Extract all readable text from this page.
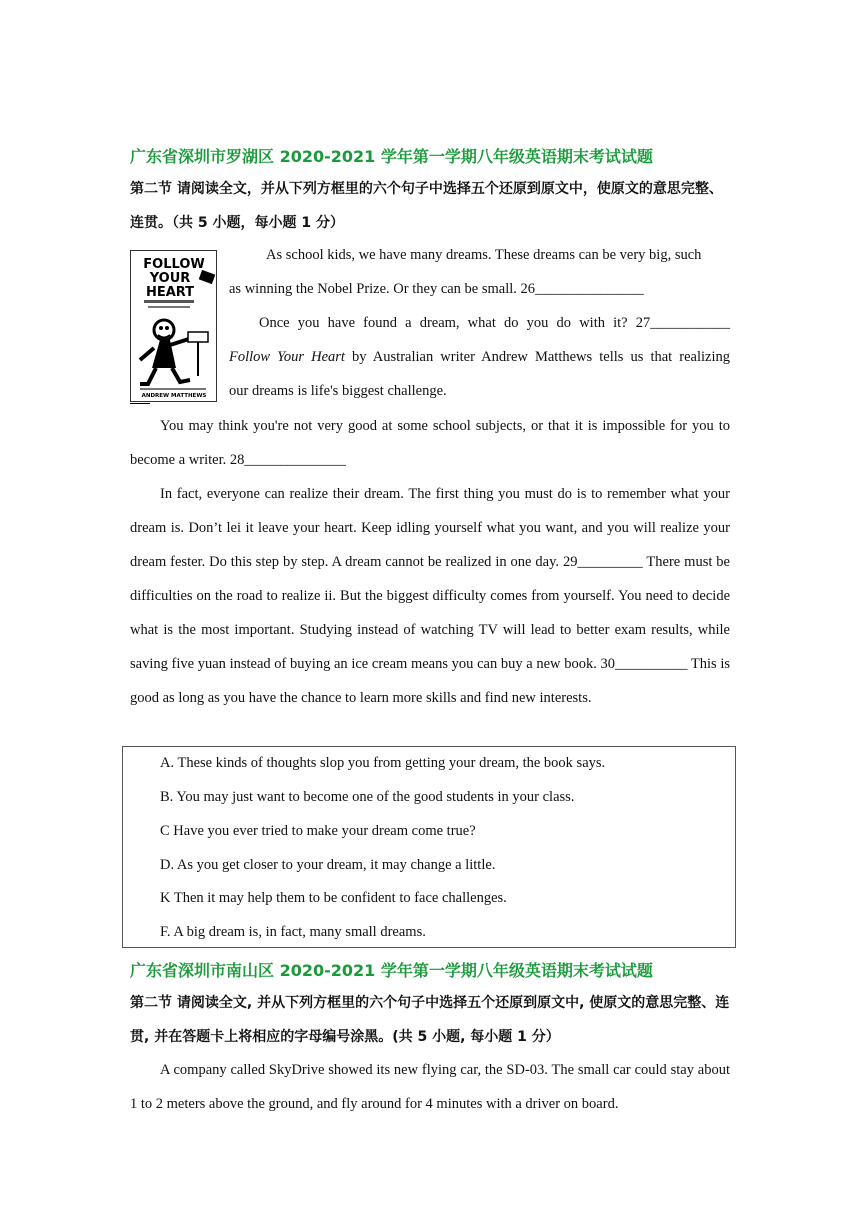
广东省深圳市罗湖区 2020-2021 学年第一学期八年级英语期末考试试题
第二节 请阅读全文，并从下列方框里的六个句子中选择五个还原到原文中，使原文的意思完整、连贯。（共 5 小题，每小题 1 分）
FOLLOW
YOUR
HEART
ANDREW MATTHEWS
As school kids, we have many dreams. These dreams can be very big, such
as winning the Nobel Prize. Or they can be small. 26_______________
Once you have found a dream, what do you do with it? 27___________
Follow Your Heart by Australian writer Andrew Matthews tells us that realizing
our dreams is life's biggest challenge.
You may think you're not very good at some school subjects, or that it is impossible for you to become a writer. 28______________
In fact, everyone can realize their dream. The first thing you must do is to remember what your dream is. Don’t lei it leave your heart. Keep idling yourself what you want, and you will realize your dream fester. Do this step by step. A dream cannot be realized in one day. 29_________ There must be difficulties on the road to realize ii. But the biggest difficulty comes from yourself. You need to decide what is the most important. Studying instead of watching TV will lead to better exam results, while saving five yuan instead of buying an ice cream means you can buy a new book. 30__________ This is good as long as you have the chance to learn more skills and find new interests.
A. These kinds of thoughts slop you from getting your dream, the book says.
B. You may just want to become one of the good students in your class.
C Have you ever tried to make your dream come true?
D. As you get closer to your dream, it may change a little.
K Then it may help them to be confident to face challenges.
F. A big dream is, in fact, many small dreams.
广东省深圳市南山区 2020-2021 学年第一学期八年级英语期末考试试题
第二节 请阅读全文, 并从下列方框里的六个句子中选择五个还原到原文中, 使原文的意思完整、连贯, 并在答题卡上将相应的字母编号涂黑。(共 5 小题, 每小题 1 分）
A company called SkyDrive showed its new flying car, the SD-03. The small car could stay about 1 to 2 meters above the ground, and fly around for 4 minutes with a driver on board.
